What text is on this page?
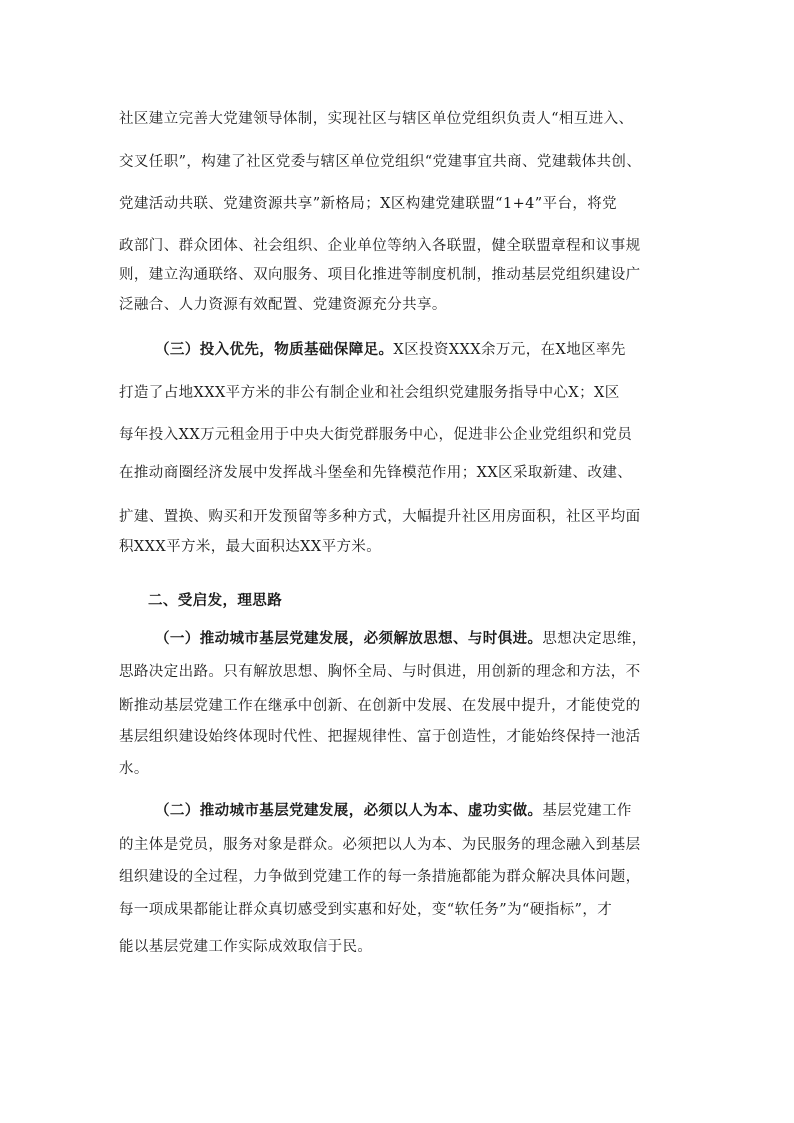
社区建立完善大党建领导体制，实现社区与辖区单位党组织负责人“相互进入、
交叉任职”，构建了社区党委与辖区单位党组织“党建事宜共商、党建载体共创、
党建活动共联、党建资源共享”新格局；X区构建党建联盟“1+4”平台，将党
政部门、群众团体、社会组织、企业单位等纳入各联盟，健全联盟章程和议事规
则，建立沟通联络、双向服务、项目化推进等制度机制，推动基层党组织建设广
泛融合、人力资源有效配置、党建资源充分共享。
（三）投入优先，物质基础保障足。X区投资XXX余万元，在X地区率先
打造了占地XXX平方米的非公有制企业和社会组织党建服务指导中心X；X区
每年投入XX万元租金用于中央大街党群服务中心，促进非公企业党组织和党员
在推动商圈经济发展中发挥战斗堡垒和先锋模范作用；XX区采取新建、改建、
扩建、置换、购买和开发预留等多种方式，大幅提升社区用房面积，社区平均面
积XXX平方米，最大面积达XX平方米。
二、受启发，理思路
（一）推动城市基层党建发展，必须解放思想、与时俱进。思想决定思维，
思路决定出路。只有解放思想、胸怀全局、与时俱进，用创新的理念和方法，不
断推动基层党建工作在继承中创新、在创新中发展、在发展中提升，才能使党的
基层组织建设始终体现时代性、把握规律性、富于创造性，才能始终保持一池活
水。
（二）推动城市基层党建发展，必须以人为本、虚功实做。基层党建工作
的主体是党员，服务对象是群众。必须把以人为本、为民服务的理念融入到基层
组织建设的全过程，力争做到党建工作的每一条措施都能为群众解决具体问题，
每一项成果都能让群众真切感受到实惠和好处，变“软任务”为“硬指标”，才
能以基层党建工作实际成效取信于民。
